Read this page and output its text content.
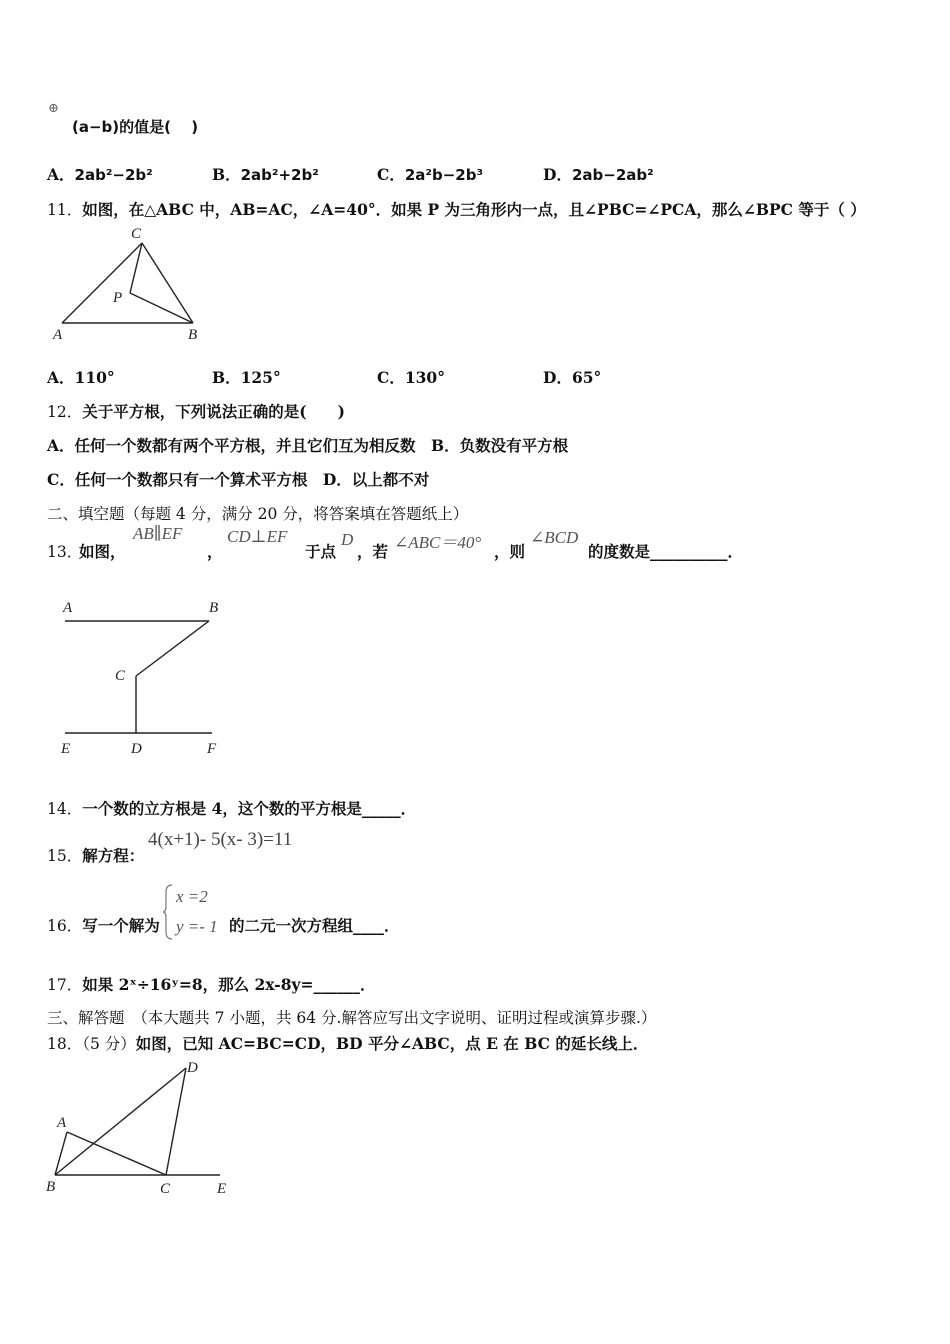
⊕
(a−b)的值是(　 )
A．2ab²−2b²	B．2ab²+2b²	C．2a²b−2b³	D．2ab−2ab²
11．如图，在△ABC 中，AB=AC，∠A=40°．如果 P 为三角形内一点，且∠PBC=∠PCA，那么∠BPC 等于（ ）
C
P
A	B
A．110°	B．125°	C．130°	D．65°
12．关于平方根，下列说法正确的是(　　)
A．任何一个数都有两个平方根，并且它们互为相反数　B．负数没有平方根
C．任何一个数都只有一个算术平方根　D．以上都不对
二、填空题（每题 4 分，满分 20 分，将答案填在答题纸上）
13．
如图，
AB∥EF
，
CD⊥EF
于点
D
，若 ∠ABC＝40° ，则
∠BCD
的度数是__________．
A	B
C
E	D	F
14．一个数的立方根是 4，这个数的平方根是_____．
15．解方程：
4(x+1)- 5(x- 3)=11
16．写一个解为
x =2
y =- 1 的二元一次方程组____．
17．如果 2ˣ÷16ʸ=8，那么 2x-8y=______．
三、解答题　（本大题共 7 小题，共 64 分.解答应写出文字说明、证明过程或演算步骤.）
18．（5 分）如图，已知 AC=BC=CD，BD 平分∠ABC，点 E 在 BC 的延长线上．
D
A
B	C	E
